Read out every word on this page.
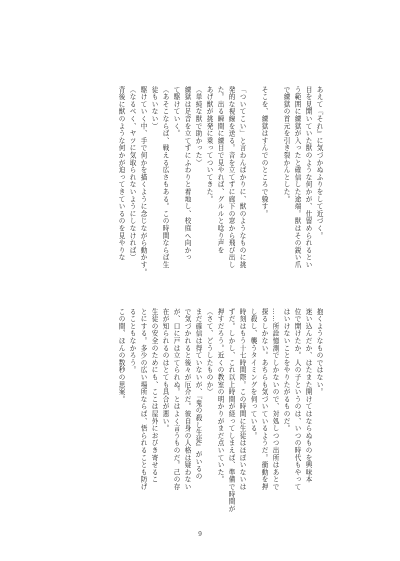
あえて『それ』に気づかぬふりをして近づく。
目を見開いていた獣のような何かが、仕留められるとい
う範囲に練獄が入ったと確信した途端。獣はその鋭い爪
で練獄の首元を引き裂かんとした。
そこを、練獄はすんでのところで躱す。
「ついてこい」と言わんばかりに、獣のようなものに挑
発的な視線を送る。音を立てずに廊下の窓から飛び出し
た。出る瞬間に練目で見やれば、グルルと唸り声を
あげ獣が挑発に乗ってついてきた。
（単純な獣で助かった）
練獄は足音を立てずにふわりと着地し、校庭へ向かっ
て駆けていく。
（あそこならば、戦える広さもある。この時間ならば生
徒もいない）
駆けていく中、手で何かを描くように念じながら動かす。
（なるべく、ヤツに気取られないようにしなければ）
背後に獣のような何かが迫ってきているのを見やりな
抱くようなものではない。
迷い込んだか、はたまた開けてはならぬものを興味本
位で開けたか。人の子というのは、いつの時代もやって
はいけないことをやりたがるものだ。
……所詮憶測でしかないので、対処しつつ出所はあとで
探るしかない。あちらも気づいているようだ。衝動を押
し殺し、襲うタイミングを伺っている。
時刻はもう十七時間際。この時間に生徒はほぼいないは
ずだ。しかし、これ以上時間が経ってしまえば、準備で時間が
押すだろう。近くの教室の明かりがまだ点いていた。
（さて、どうしたものか）
まだ確信は得ていないが、『鬼の殺し生徒』がいるの
で気づかれると後々が厄介だ。彼自身の人格は疑わない
が、口に戸は立てられぬ。とはよく言うものだ。己の存
在が知られるのはとても具合が悪い。
生徒の安全のためにも、ここは屋外におびき寄せるこ
とにする。多少の広い場所ならば、悟られることも防げ
ることもなかろう。
この間、ほんの数秒の思案。
9
